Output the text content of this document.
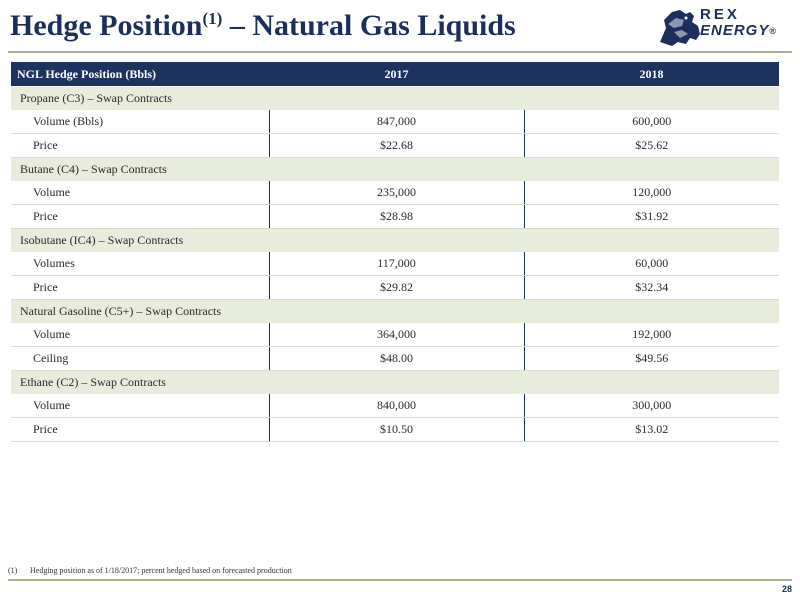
Hedge Position$^{(1)}$ – Natural Gas Liquids	REX
ENERGY®
NGL Hedge Position (Bbls)	2017	2018
Propane (C3) – Swap Contracts		
Volume (Bbls)	847,000	600,000
Price	$22.68	$25.62
Butane (C4) – Swap Contracts		
Volume	235,000	120,000
Price	$28.98	$31.92
Isobutane (IC4) – Swap Contracts		
Volumes	117,000	60,000
Price	$29.82	$32.34
Natural Gasoline (C5+) – Swap Contracts		
Volume	364,000	192,000
Ceiling	$48.00	$49.56
Ethane (C2) – Swap Contracts		
Volume	840,000	300,000
Price	$10.50	$13.02
(1) Hedging position as of 1/18/2017; percent hedged based on forecasted production
28
